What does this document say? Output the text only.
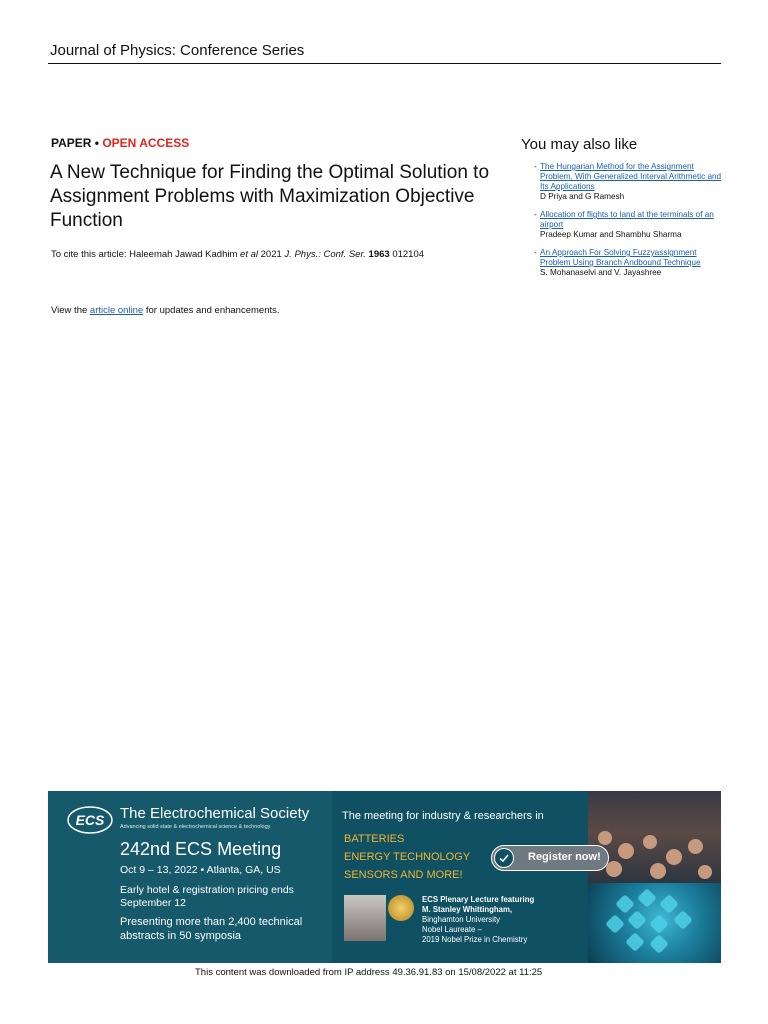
Journal of Physics: Conference Series
PAPER • OPEN ACCESS
A New Technique for Finding the Optimal Solution to Assignment Problems with Maximization Objective Function
To cite this article: Haleemah Jawad Kadhim et al 2021 J. Phys.: Conf. Ser. 1963 012104
View the article online for updates and enhancements.
You may also like
- The Hungarian Method for the Assignment Problem, With Generalized Interval Arithmetic and Its Applications
D Priya and G Ramesh
- Allocation of flights to land at the terminals of an airport
Pradeep Kumar and Shambhu Sharma
- An Approach For Solving Fuzzyassignment Problem Using Branch Andbound Technique
S. Mohanaselvi and V. Jayashree
ECS The Electrochemical Society
Advancing solid state & electrochemical science & technology
242nd ECS Meeting
Oct 9 – 13, 2022 • Atlanta, GA, US
Early hotel & registration pricing ends September 12
Presenting more than 2,400 technical abstracts in 50 symposia
The meeting for industry & researchers in
BATTERIES
ENERGY TECHNOLOGY
SENSORS AND MORE!
Register now!
ECS Plenary Lecture featuring
M. Stanley Whittingham,
Binghamton University
Nobel Laureate –
2019 Nobel Prize in Chemistry
This content was downloaded from IP address 49.36.91.83 on 15/08/2022 at 11:25
